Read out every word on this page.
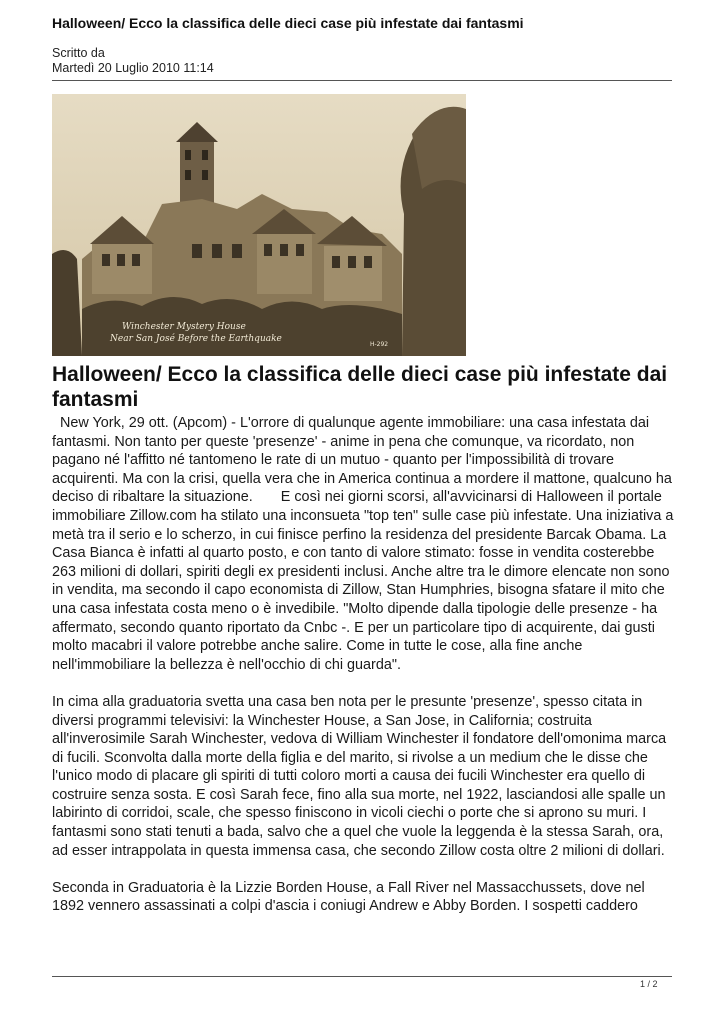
Halloween/ Ecco la classifica delle dieci case più infestate dai fantasmi
Scritto da
Martedì 20 Luglio 2010 11:14
Winchester Mystery House
Near San José Before the Earthquake
H-292
Halloween/ Ecco la classifica delle dieci case più infestate dai fantasmi

New York, 29 ott. (Apcom) - L'orrore di qualunque agente immobiliare: una casa infestata dai fantasmi. Non tanto per queste 'presenze' - anime in pena che comunque, va ricordato, non pagano né l'affitto né tantomeno le rate di un mutuo - quanto per l'impossibilità di trovare acquirenti. Ma con la crisi, quella vera che in America continua a mordere il mattone, qualcuno ha deciso di ribaltare la situazione.       E così nei giorni scorsi, all'avvicinarsi di Halloween il portale immobiliare Zillow.com ha stilato una inconsueta "top ten" sulle case più infestate. Una iniziativa a metà tra il serio e lo scherzo, in cui finisce perfino la residenza del presidente Barcak Obama. La Casa Bianca è infatti al quarto posto, e con tanto di valore stimato: fosse in vendita costerebbe 263 milioni di dollari, spiriti degli ex presidenti inclusi. Anche altre tra le dimore elencate non sono in vendita, ma secondo il capo economista di Zillow, Stan Humphries, bisogna sfatare il mito che una casa infestata costa meno o è invedibile. "Molto dipende dalla tipologie delle presenze - ha affermato, secondo quanto riportato da Cnbc -. E per un particolare tipo di acquirente, dai gusti molto macabri il valore potrebbe anche salire. Come in tutte le cose, alla fine anche nell'immobiliare la bellezza è nell'occhio di chi guarda".

In cima alla graduatoria svetta una casa ben nota per le presunte 'presenze', spesso citata in diversi programmi televisivi: la Winchester House, a San Jose, in California; costruita all'inverosimile Sarah Winchester, vedova di William Winchester il fondatore dell'omonima marca di fucili. Sconvolta dalla morte della figlia e del marito, si rivolse a un medium che le disse che l'unico modo di placare gli spiriti di tutti coloro morti a causa dei fucili Winchester era quello di costruire senza sosta. E così Sarah fece, fino alla sua morte, nel 1922, lasciandosi alle spalle un labirinto di corridoi, scale, che spesso finiscono in vicoli ciechi o porte che si aprono su muri. I fantasmi sono stati tenuti a bada, salvo che a quel che vuole la leggenda è la stessa Sarah, ora, ad esser intrappolata in questa immensa casa, che secondo Zillow costa oltre 2 milioni di dollari.

Seconda in Graduatoria è la Lizzie Borden House, a Fall River nel Massacchussets, dove nel 1892 vennero assassinati a colpi d'ascia i coniugi Andrew e Abby Borden. I sospetti caddero

1 / 2
